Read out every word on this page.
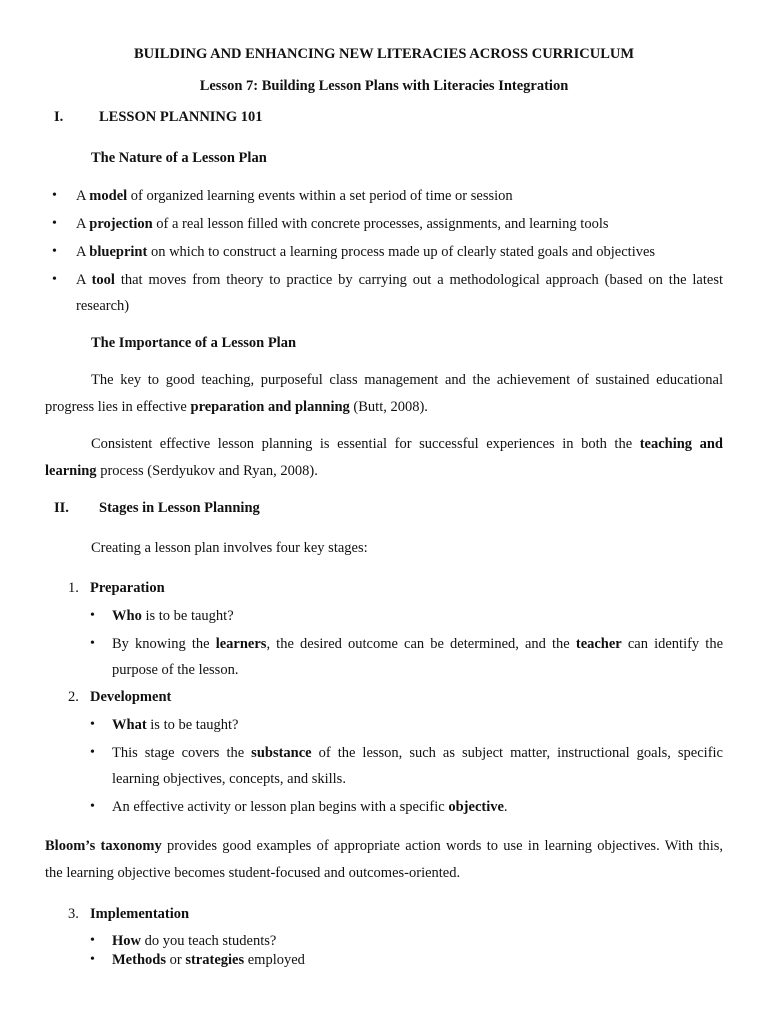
BUILDING AND ENHANCING NEW LITERACIES ACROSS CURRICULUM
Lesson 7: Building Lesson Plans with Literacies Integration
I. LESSON PLANNING 101
The Nature of a Lesson Plan
• A model of organized learning events within a set period of time or session
• A projection of a real lesson filled with concrete processes, assignments, and learning tools
• A blueprint on which to construct a learning process made up of clearly stated goals and objectives
• A tool that moves from theory to practice by carrying out a methodological approach (based on the latest
research)
The Importance of a Lesson Plan
The key to good teaching, purposeful class management and the achievement of sustained educational
progress lies in effective preparation and planning (Butt, 2008).
Consistent effective lesson planning is essential for successful experiences in both the teaching and
learning process (Serdyukov and Ryan, 2008).
II. Stages in Lesson Planning
Creating a lesson plan involves four key stages:
1. Preparation
• Who is to be taught?
• By knowing the learners, the desired outcome can be determined, and the teacher can identify the
purpose of the lesson.
2. Development
• What is to be taught?
• This stage covers the substance of the lesson, such as subject matter, instructional goals, specific
learning objectives, concepts, and skills.
• An effective activity or lesson plan begins with a specific objective.
Bloom’s taxonomy provides good examples of appropriate action words to use in learning objectives. With this,
the learning objective becomes student-focused and outcomes-oriented.
3. Implementation
• How do you teach students?
• Methods or strategies employed
